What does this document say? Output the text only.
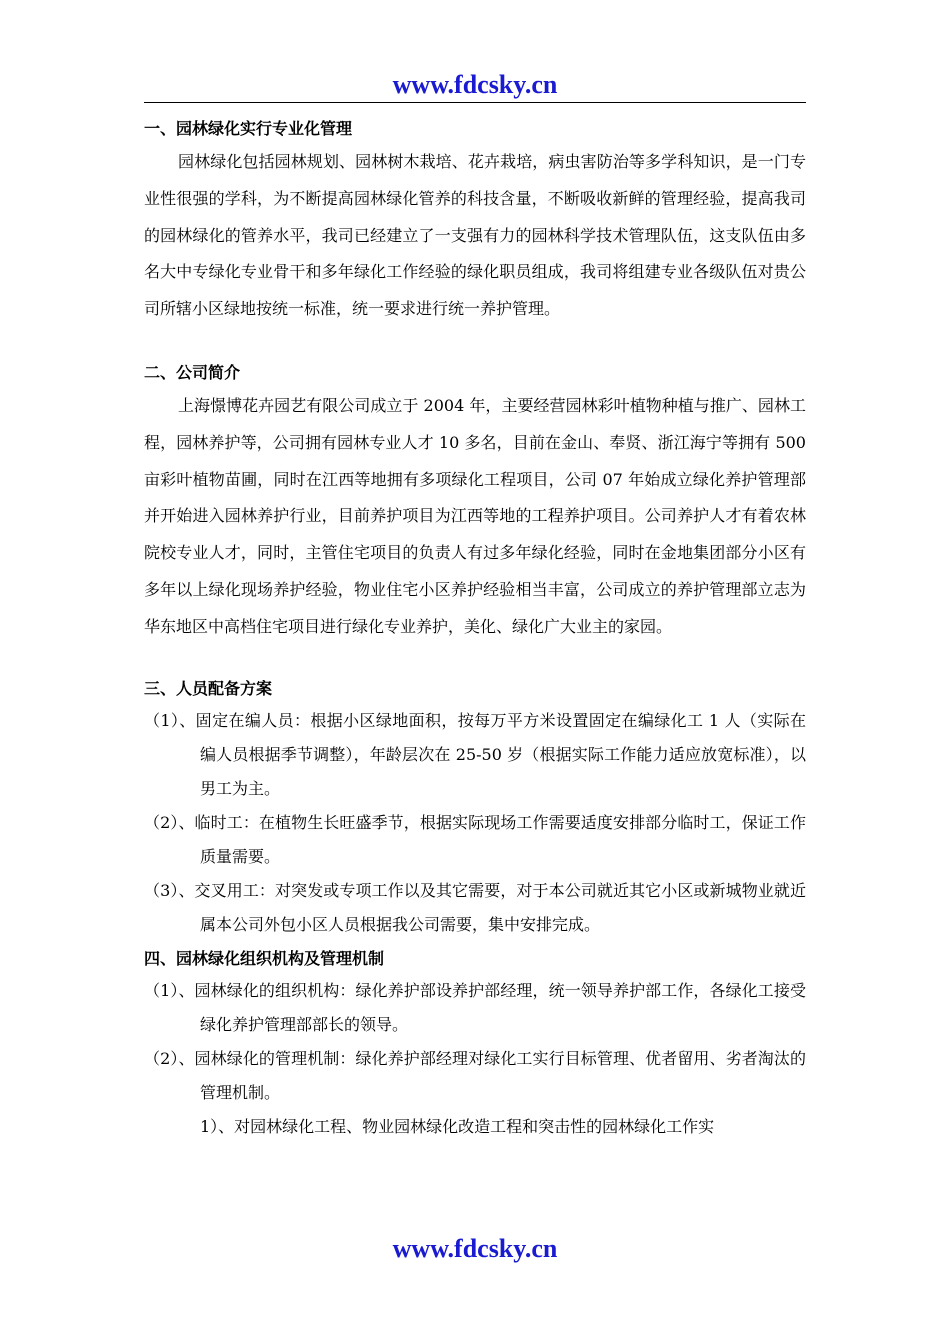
www.fdcsky.cn
一、园林绿化实行专业化管理

园林绿化包括园林规划、园林树木栽培、花卉栽培，病虫害防治等多学科知识，是一门专业性很强的学科，为不断提高园林绿化管养的科技含量，不断吸收新鲜的管理经验，提高我司的园林绿化的管养水平，我司已经建立了一支强有力的园林科学技术管理队伍，这支队伍由多名大中专绿化专业骨干和多年绿化工作经验的绿化职员组成，我司将组建专业各级队伍对贵公司所辖小区绿地按统一标准，统一要求进行统一养护管理。

二、公司简介

上海憬博花卉园艺有限公司成立于 2004 年，主要经营园林彩叶植物种植与推广、园林工程，园林养护等，公司拥有园林专业人才 10 多名，目前在金山、奉贤、浙江海宁等拥有 500 亩彩叶植物苗圃，同时在江西等地拥有多项绿化工程项目，公司 07 年始成立绿化养护管理部并开始进入园林养护行业，目前养护项目为江西等地的工程养护项目。公司养护人才有着农林院校专业人才，同时，主管住宅项目的负责人有过多年绿化经验，同时在金地集团部分小区有多年以上绿化现场养护经验，物业住宅小区养护经验相当丰富，公司成立的养护管理部立志为华东地区中高档住宅项目进行绿化专业养护，美化、绿化广大业主的家园。

三、人员配备方案

（1）、固定在编人员：根据小区绿地面积，按每万平方米设置固定在编绿化工 1 人（实际在编人员根据季节调整），年龄层次在 25-50 岁（根据实际工作能力适应放宽标准），以男工为主。

（2）、临时工：在植物生长旺盛季节，根据实际现场工作需要适度安排部分临时工，保证工作质量需要。

（3）、交叉用工：对突发或专项工作以及其它需要，对于本公司就近其它小区或新城物业就近属本公司外包小区人员根据我公司需要，集中安排完成。

四、园林绿化组织机构及管理机制

（1）、园林绿化的组织机构：绿化养护部设养护部经理，统一领导养护部工作，各绿化工接受绿化养护管理部部长的领导。

（2）、园林绿化的管理机制：绿化养护部经理对绿化工实行目标管理、优者留用、劣者淘汰的管理机制。

1）、对园林绿化工程、物业园林绿化改造工程和突击性的园林绿化工作实

www.fdcsky.cn
